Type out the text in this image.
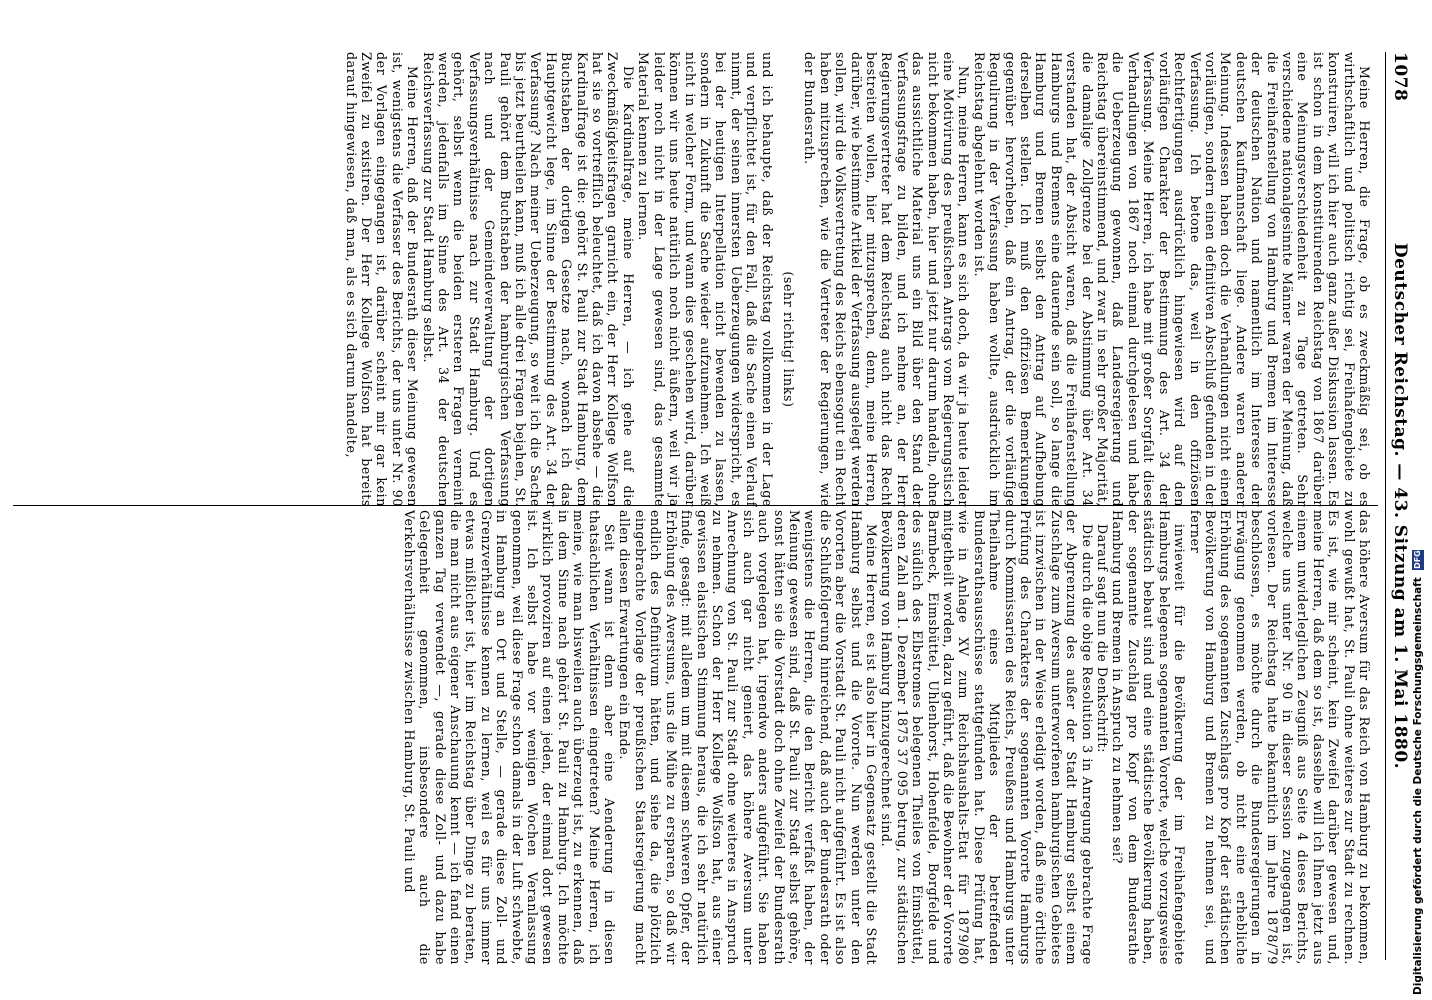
1078
Deutscher Reichstag. — 43. Sitzung am 1. Mai 1880.

Meine Herren, die Frage, ob es zweckmäßig sei, ob es wirthschaftlich und politisch richtig sei, Freihafengebiete zu konstruiren, will ich hier auch ganz außer Diskussion lassen. Es ist schon in dem konstituirenden Reichstag von 1867 darüber eine Meinungsverschiedenheit zu Tage getreten. Sehr verschiedene nationalgesinnte Männer waren der Meinung, daß die Freihafenstellung von Hamburg und Bremen im Interesse der deutschen Nation und namentlich im Interesse der deutschen Kaufmannschaft liege. Andere waren anderer Meinung. Indessen haben doch die Verhandlungen nicht einen vorläufigen, sondern einen definitiven Abschluß gefunden in der Verfassung. Ich betone das, weil in den offiziösen Rechtfertigungen ausdrücklich hingewiesen wird auf den vorläufigen Charakter der Bestimmung des Art. 34 der Verfassung. Meine Herren, ich habe mit großer Sorgfalt diese Verhandlungen von 1867 noch einmal durchgelesen und habe die Ueberzeugung gewonnen, daß Landesregierung und Reichstag übereinstimmend, und zwar in sehr großer Majorität, die damalige Zollgrenze bei der Abstimmung über Art. 34 verstanden hat, der Absicht waren, daß die Freihafenstellung Hamburgs und Bremens eine dauernde sein soll, so lange die Hamburg und Bremen selbst den Antrag auf Aufhebung derselben stellen. Ich muß den offiziösen Bemerkungen gegenüber hervorheben, daß ein Antrag, der die vorläufige Regulirung in der Verfassung haben wollte, ausdrücklich im Reichstag abgelehnt worden ist.

Nun, meine Herren, kann es sich doch, da wir ja heute leider eine Motivirung des preußischen Antrags vom Regierungstisch nicht bekommen haben, hier und jetzt nur darum handeln, ohne das aussichtliche Material uns ein Bild über den Stand der Verfassungsfrage zu bilden, und ich nehme an, der Herr Regierungsvertreter hat dem Reichstag auch nicht das Recht bestreiten wollen, hier mitzusprechen, denn, meine Herren, darüber, wie bestimmte Artikel der Verfassung ausgelegt werden sollen, wird die Volksvertretung des Reichs ebensogut ein Recht haben mitzusprechen, wie die Vertreter der Regierungen, wie der Bundesrath.

(sehr richtig! links)

und ich behaupte, daß der Reichstag vollkommen in der Lage und verpflichtet ist, für den Fall, daß die Sache einen Verlauf nimmt, der seinen innersten Ueberzeugungen widerspricht, es bei der heutigen Interpellation nicht bewenden zu lassen, sondern in Zukunft die Sache wieder aufzunehmen. Ich weiß nicht in welcher Form, und wann dies geschehen wird, darüber können wir uns heute natürlich noch nicht äußern, weil wir ja leider noch nicht in der Lage gewesen sind, das gesammte Material kennen zu lernen.

Die Kardinalfrage, meine Herren, — ich gehe auf die Zweckmäßigkeitsfragen garnicht ein, der Herr Kollege Wolfson hat sie so vortrefflich beleuchtet, daß ich davon absehe — die Kardinalfrage ist die: gehört St. Pauli zur Stadt Hamburg, dem Buchstaben der dortigen Gesetze nach, wonach ich das Hauptgewicht lege, im Sinne der Bestimmung des Art. 34 der Verfassung? Nach meiner Ueberzeugung, so weit ich die Sache bis jetzt beurtheilen kann, muß ich alle drei Fragen bejahen, St. Pauli gehört dem Buchstaben der hamburgischen Verfassung nach und der Gemeindeverwaltung der dortigen Verfassungsverhältnisse nach zur Stadt Hamburg. Und es gehört, selbst wenn die beiden ersteren Fragen verneint werden, jedenfalls im Sinne des Art. 34 der deutschen Reichsverfassung zur Stadt Hamburg selbst.

Meine Herren, daß der Bundesrath dieser Meinung gewesen ist, wenigstens die Verfasser des Berichts, der uns unter Nr. 90 der Vorlagen eingegangen ist, darüber scheint mir gar kein Zweifel zu existiren. Der Herr Kollege Wolfson hat bereits darauf hingewiesen, daß man, als es sich darum handelte,

das höhere Aversum für das Reich von Hamburg zu bekommen, wohl gewußt hat, St. Pauli ohne weiteres zur Stadt zu rechnen. Es ist, wie mir scheint, kein Zweifel darüber gewesen und, meine Herren, daß dem so ist, dasselbe will ich Ihnen jetzt aus einem unwiderleglichen Zeugniß aus Seite 4 dieses Berichts, welche uns unter Nr. 90 in dieser Session zugegangen ist, vorlesen. Der Reichstag hatte bekanntlich im Jahre 1878/79 beschlossen, es möchte durch die Bundesregierungen in Erwägung genommen werden, ob nicht eine erhebliche Erhöhung des sogenannten Zuschlags pro Kopf der städtischen Bevölkerung von Hamburg und Bremen zu nehmen sei, und ferner

inwieweit für die Bevölkerung der im Freihafengebiete Hamburgs belegenen sogenannten Vororte, welche vorzugsweise städtisch bebaut sind und eine städtische Bevölkerung haben, der sogenannte Zuschlag pro Kopf von dem Bundesrathe Hamburg und Bremen in Anspruch zu nehmen sei?

Darauf sagt nun die Denkschrift:

Die durch die obige Resolution 3 in Anregung gebrachte Frage der Abgrenzung des außer der Stadt Hamburg selbst einem Zuschlage zum Aversum unterworfenen hamburgischen Gebietes ist inzwischen in der Weise erledigt worden, daß eine örtliche Prüfung des Charakters der sogenannten Vororte Hamburgs durch Kommissarien des Reichs, Preußens und Hamburgs unter Theilnahme eines Mitgliedes der betreffenden Bundesrathsausschüsse stattgefunden hat. Diese Prüfung hat, wie in Anlage XV zum Reichshaushalts-Etat für 1879/80 mitgetheilt worden, dazu geführt, daß die Bewohner der Vororte Barmbeck, Eimsbüttel, Uhlenhorst, Hohenfelde, Borgfelde und des südlich des Elbstromes belegenen Theiles von Eimsbüttel, deren Zahl am 1. Dezember 1875 37 095 betrug, zur städtischen Bevölkerung von Hamburg hinzugerechnet sind.

Meine Herren, es ist also hier in Gegensatz gestellt die Stadt Hamburg selbst und die Vororte. Nun werden unter den Vororten aber die Vorstadt St. Pauli nicht aufgeführt. Es ist also die Schlußfolgerung hinreichend, daß auch der Bundesrath oder wenigstens die Herren, die den Bericht verfaßt haben, der Meinung gewesen sind, daß St. Pauli zur Stadt selbst gehöre, sonst hätten sie die Vorstadt doch ohne Zweifel der Bundesrath auch vorgelegen hat, irgendwo anders aufgeführt. Sie haben sich auch gar nicht geniert, das höhere Aversum unter Anrechnung von St. Pauli zur Stadt ohne weiteres in Anspruch zu nehmen. Schon der Herr Kollege Wolfson hat, aus einer gewissen elastischen Stimmung heraus, die ich sehr natürlich finde, gesagt: mit alledem um mit diesem schweren Opfer, der Erhöhung des Aversums, uns die Mühe zu ersparen, so daß wir endlich des Definitivum hätten, und siehe da, die plötzlich eingebrachte Vorlage der preußischen Staatsregierung macht allen diesen Erwartungen ein Ende.

Seit wann ist denn aber eine Aenderung in diesen thatsächlichen Verhältnissen eingetreten? Meine Herren, ich meine, wie man bisweilen auch überzeugt ist, zu erkennen, daß in dem Sinne nach gehört St. Pauli zu Hamburg. Ich möchte wirklich provoziren auf einen jeden, der einmal dort gewesen ist. Ich selbst habe vor wenigen Wochen Veranlassung genommen, weil diese Frage schon damals in der Luft schwebte, in Hamburg an Ort und Stelle, — gerade diese Zoll- und Grenzverhältnisse kennen zu lernen, weil es für uns immer etwas mißlicher ist, hier im Reichstag über Dinge zu beraten, die man nicht aus eigener Anschauung kennt — ich fand einen ganzen Tag verwendet —, gerade diese Zoll- und dazu habe Gelegenheit genommen, insbesondere auch die Verkehrsverhältnisse zwischen Hamburg, St. Pauli und	Digitalisierung gefördert durch die Deutsche Forschungsgemeinschaft DFG
